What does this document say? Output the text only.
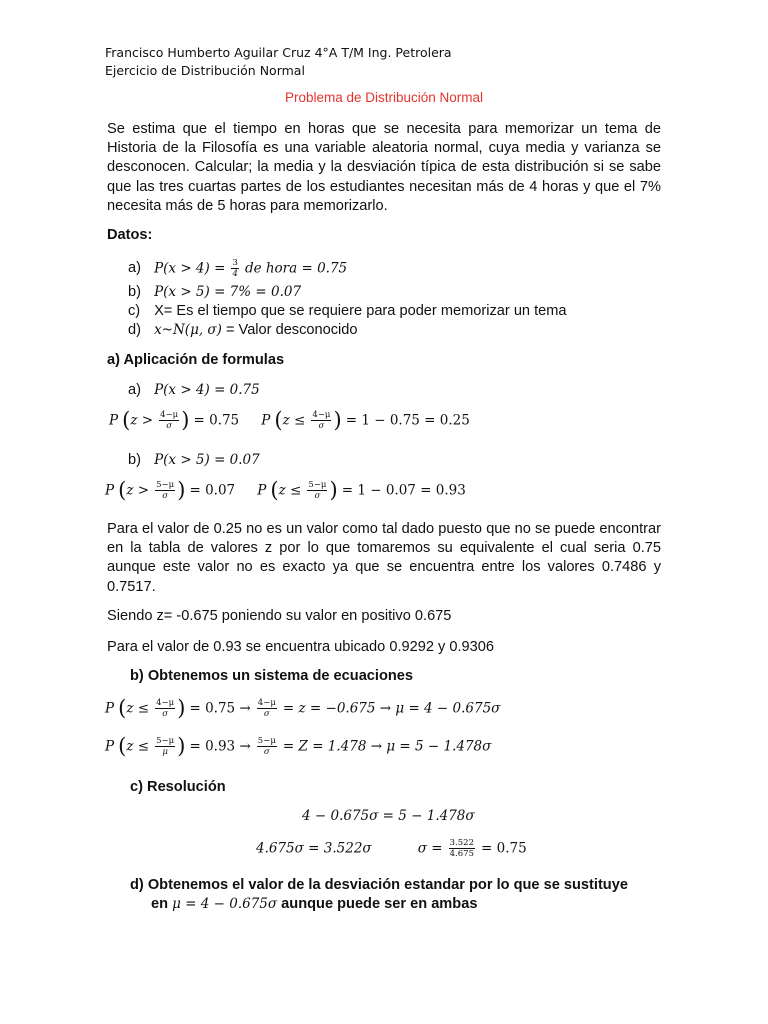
Francisco Humberto Aguilar Cruz 4°A T/M Ing. Petrolera
Ejercicio de Distribución Normal
Problema de Distribución Normal
Se estima que el tiempo en horas que se necesita para memorizar un tema de Historia de la Filosofía es una variable aleatoria normal, cuya media y varianza se desconocen. Calcular; la media y la desviación típica de esta distribución si se sabe que las tres cuartas partes de los estudiantes necesitan más de 4 horas y que el 7% necesita más de 5 horas para memorizarlo.
Datos:
a) $P(x > 4) = \frac{3}{4}$ de hora = 0.75
b) P(x > 5) = 7% = 0.07
c) X= Es el tiempo que se requiere para poder memorizar un tema
d) x~N(μ, σ) = Valor desconocido
a) Aplicación de formulas
a) P(x > 4) = 0.75
P ($z > \frac{4-\mu}{\sigma}$ ) = 0.75 P ($z \le \frac{4-\mu}{\sigma}$ ) = 1 − 0.75 = 0.25
b) P(x > 5) = 0.07
P ($z > \frac{5-\mu}{\sigma}$ ) = 0.07 P ($z \le \frac{5-\mu}{\sigma}$ ) = 1 − 0.07 = 0.93
Para el valor de 0.25 no es un valor como tal dado puesto que no se puede encontrar en la tabla de valores z por lo que tomaremos su equivalente el cual seria 0.75 aunque este valor no es exacto ya que se encuentra entre los valores 0.7486 y 0.7517.
Siendo z= -0.675 poniendo su valor en positivo 0.675
Para el valor de 0.93 se encuentra ubicado 0.9292 y 0.9306
b) Obtenemos un sistema de ecuaciones
P ($z \le \frac{4-\mu}{\sigma}$ ) = $0.75 \to \frac{4-\mu}{\sigma} = z = -0.675 \to \mu = 4 - 0.675\sigma$
P ($z \le \frac{5-\mu}{\mu}$ ) = $0.93 \to \frac{5-\mu}{\sigma} = Z = 1.478 \to \mu = 5 - 1.478\sigma$
c) Resolución
4 − 0.675σ = 5 − 1.478σ
4.675σ = 3.522σ	$\sigma = \frac{3.522}{4.675} = 0.75$
d) Obtenemos el valor de la desviación estandar por lo que se sustituye
en μ = 4 − 0.675σ aunque puede ser en ambas
